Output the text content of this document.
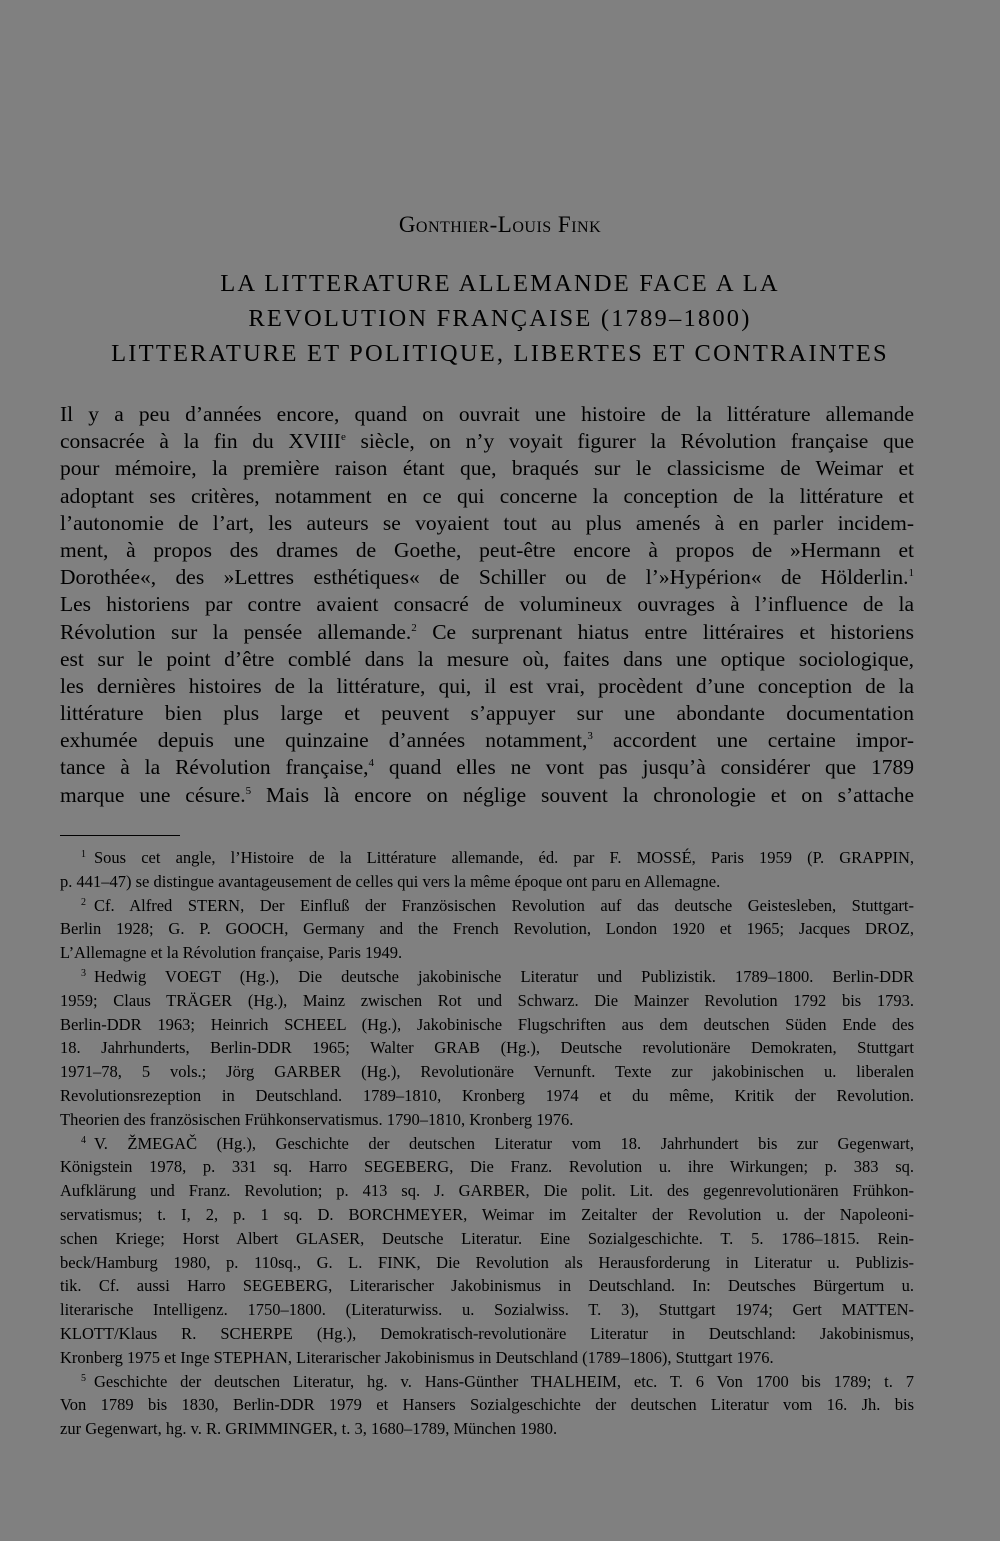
Gonthier-Louis Fink
LA LITTERATURE ALLEMANDE FACE A LA
REVOLUTION FRANÇAISE (1789–1800)
LITTERATURE ET POLITIQUE, LIBERTES ET CONTRAINTES
Il y a peu d’années encore, quand on ouvrait une histoire de la littérature allemande
consacrée à la fin du XVIIIe siècle, on n’y voyait figurer la Révolution française que
pour mémoire, la première raison étant que, braqués sur le classicisme de Weimar et
adoptant ses critères, notamment en ce qui concerne la conception de la littérature et
l’autonomie de l’art, les auteurs se voyaient tout au plus amenés à en parler incidem-
ment, à propos des drames de Goethe, peut-être encore à propos de »Hermann et
Dorothée«, des »Lettres esthétiques« de Schiller ou de l’»Hypérion« de Hölderlin.$^1$
Les historiens par contre avaient consacré de volumineux ouvrages à l’influence de la
Révolution sur la pensée allemande.$^2$ Ce surprenant hiatus entre littéraires et historiens
est sur le point d’être comblé dans la mesure où, faites dans une optique sociologique,
les dernières histoires de la littérature, qui, il est vrai, procèdent d’une conception de la
littérature bien plus large et peuvent s’appuyer sur une abondante documentation
exhumée depuis une quinzaine d’années notamment,$^3$ accordent une certaine impor-
tance à la Révolution française,$^4$ quand elles ne vont pas jusqu’à considérer que 1789
marque une césure.$^5$ Mais là encore on néglige souvent la chronologie et on s’attache
$^1$ Sous cet angle, l’Histoire de la Littérature allemande, éd. par F. MOSSÉ, Paris 1959 (P. GRAPPIN,
p. 441–47) se distingue avantageusement de celles qui vers la même époque ont paru en Allemagne.
$^2$ Cf. Alfred STERN, Der Einfluß der Französischen Revolution auf das deutsche Geistesleben, Stuttgart-
Berlin 1928; G. P. GOOCH, Germany and the French Revolution, London 1920 et 1965; Jacques DROZ,
L’Allemagne et la Révolution française, Paris 1949.
$^3$ Hedwig VOEGT (Hg.), Die deutsche jakobinische Literatur und Publizistik. 1789–1800. Berlin-DDR
1959; Claus TRÄGER (Hg.), Mainz zwischen Rot und Schwarz. Die Mainzer Revolution 1792 bis 1793.
Berlin-DDR 1963; Heinrich SCHEEL (Hg.), Jakobinische Flugschriften aus dem deutschen Süden Ende des
18. Jahrhunderts, Berlin-DDR 1965; Walter GRAB (Hg.), Deutsche revolutionäre Demokraten, Stuttgart
1971–78, 5 vols.; Jörg GARBER (Hg.), Revolutionäre Vernunft. Texte zur jakobinischen u. liberalen
Revolutionsrezeption in Deutschland. 1789–1810, Kronberg 1974 et du même, Kritik der Revolution.
Theorien des französischen Frühkonservatismus. 1790–1810, Kronberg 1976.
$^4$ V. ŽMEGAČ (Hg.), Geschichte der deutschen Literatur vom 18. Jahrhundert bis zur Gegenwart,
Königstein 1978, p. 331 sq. Harro SEGEBERG, Die Franz. Revolution u. ihre Wirkungen; p. 383 sq.
Aufklärung und Franz. Revolution; p. 413 sq. J. GARBER, Die polit. Lit. des gegenrevolutionären Frühkon-
servatismus; t. I, 2, p. 1 sq. D. BORCHMEYER, Weimar im Zeitalter der Revolution u. der Napoleoni-
schen Kriege; Horst Albert GLASER, Deutsche Literatur. Eine Sozialgeschichte. T. 5. 1786–1815. Rein-
beck/Hamburg 1980, p. 110sq., G. L. FINK, Die Revolution als Herausforderung in Literatur u. Publizis-
tik. Cf. aussi Harro SEGEBERG, Literarischer Jakobinismus in Deutschland. In: Deutsches Bürgertum u.
literarische Intelligenz. 1750–1800. (Literaturwiss. u. Sozialwiss. T. 3), Stuttgart 1974; Gert MATTEN-
KLOTT/Klaus R. SCHERPE (Hg.), Demokratisch-revolutionäre Literatur in Deutschland: Jakobinismus,
Kronberg 1975 et Inge STEPHAN, Literarischer Jakobinismus in Deutschland (1789–1806), Stuttgart 1976.
$^5$ Geschichte der deutschen Literatur, hg. v. Hans-Günther THALHEIM, etc. T. 6 Von 1700 bis 1789; t. 7
Von 1789 bis 1830, Berlin-DDR 1979 et Hansers Sozialgeschichte der deutschen Literatur vom 16. Jh. bis
zur Gegenwart, hg. v. R. GRIMMINGER, t. 3, 1680–1789, München 1980.
